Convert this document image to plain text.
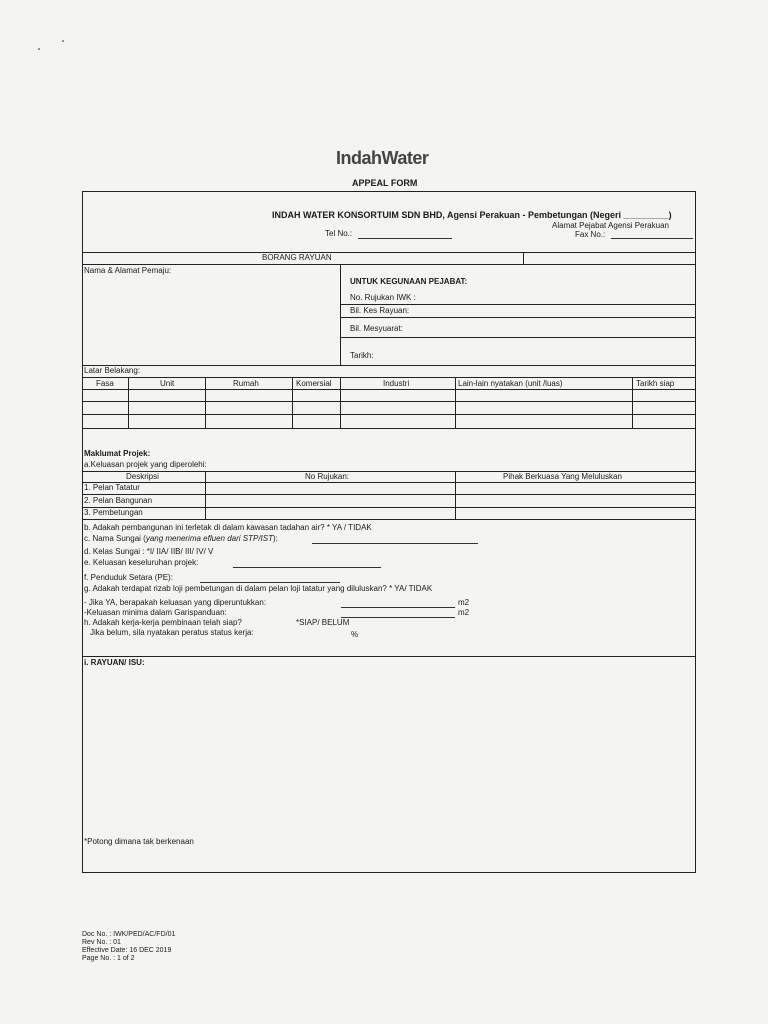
IndahWater
APPEAL FORM
INDAH WATER KONSORTUIM SDN BHD, Agensi Perakuan - Pembetungan (Negeri _________)
Alamat Pejabat Agensi Perakuan
Tel No.:	Fax No.:
BORANG RAYUAN
Nama & Alamat Pemaju:
UNTUK KEGUNAAN PEJABAT:
No. Rujukan IWK :
Bil. Kes Rayuan:
Bil. Mesyuarat:
Tarikh:
Latar Belakang:
Fasa	Unit	Rumah	Komersial	Industri	Lain-lain nyatakan (unit /luas)	Tarikh siap
Maklumat Projek:
a.Keluasan projek yang diperolehi:
Deskripsi	No Rujukan:	Pihak Berkuasa Yang Meluluskan
1. Pelan Tatatur
2. Pelan Bangunan
3. Pembetungan
b. Adakah pembangunan ini terletak di dalam kawasan tadahan air? * YA / TIDAK
c. Nama Sungai (yang menerima efluen dari STP/IST):
d. Kelas Sungai : *I/ IIA/ IIB/ III/ IV/ V
e. Keluasan keseluruhan projek:
f. Penduduk Setara (PE):
g. Adakah terdapat rizab loji pembetungan di dalam pelan loji tatatur yang diluluskan? * YA/ TIDAK
- Jika YA, berapakah keluasan yang diperuntukkan:	m2
-Keluasan minima dalam Garispanduan:	m2
h. Adakah kerja-kerja pembinaan telah siap?	*SIAP/ BELUM
Jika belum, sila nyatakan peratus status kerja:	%
i. RAYUAN/ ISU:
*Potong dimana tak berkenaan
Doc No. : IWK/PED/AC/FD/01
Rev No. : 01
Effective Date: 16 DEC 2019
Page No. : 1 of 2
